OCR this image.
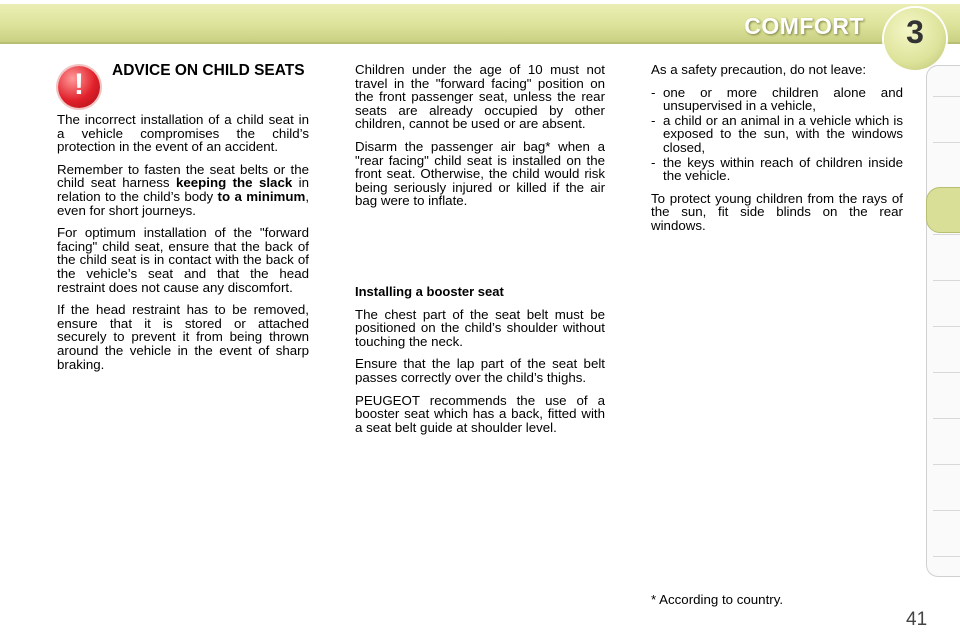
COMFORT	3
!	ADVICE ON CHILD SEATS

The incorrect installation of a child seat in a vehicle compromises the child’s protection in the event of an accident.

Remember to fasten the seat belts or the child seat harness keeping the slack in relation to the child’s body to a minimum, even for short journeys.

For optimum installation of the "forward facing" child seat, ensure that the back of the child seat is in contact with the back of the vehicle’s seat and that the head restraint does not cause any discomfort.

If the head restraint has to be removed, ensure that it is stored or attached securely to prevent it from being thrown around the vehicle in the event of sharp braking.

Children under the age of 10 must not travel in the "forward facing" position on the front passenger seat, unless the rear seats are already occupied by other children, cannot be used or are absent.

Disarm the passenger air bag* when a "rear facing" child seat is installed on the front seat. Otherwise, the child would risk being seriously injured or killed if the air bag were to inflate.

Installing a booster seat

The chest part of the seat belt must be positioned on the child’s shoulder without touching the neck.

Ensure that the lap part of the seat belt passes correctly over the child’s thighs.

PEUGEOT recommends the use of a booster seat which has a back, fitted with a seat belt guide at shoulder level.

As a safety precaution, do not leave:

- one or more children alone and unsupervised in a vehicle,
- a child or an animal in a vehicle which is exposed to the sun, with the windows closed,
- the keys within reach of children inside the vehicle.

To protect young children from the rays of the sun, fit side blinds on the rear windows.

* According to country.
41
